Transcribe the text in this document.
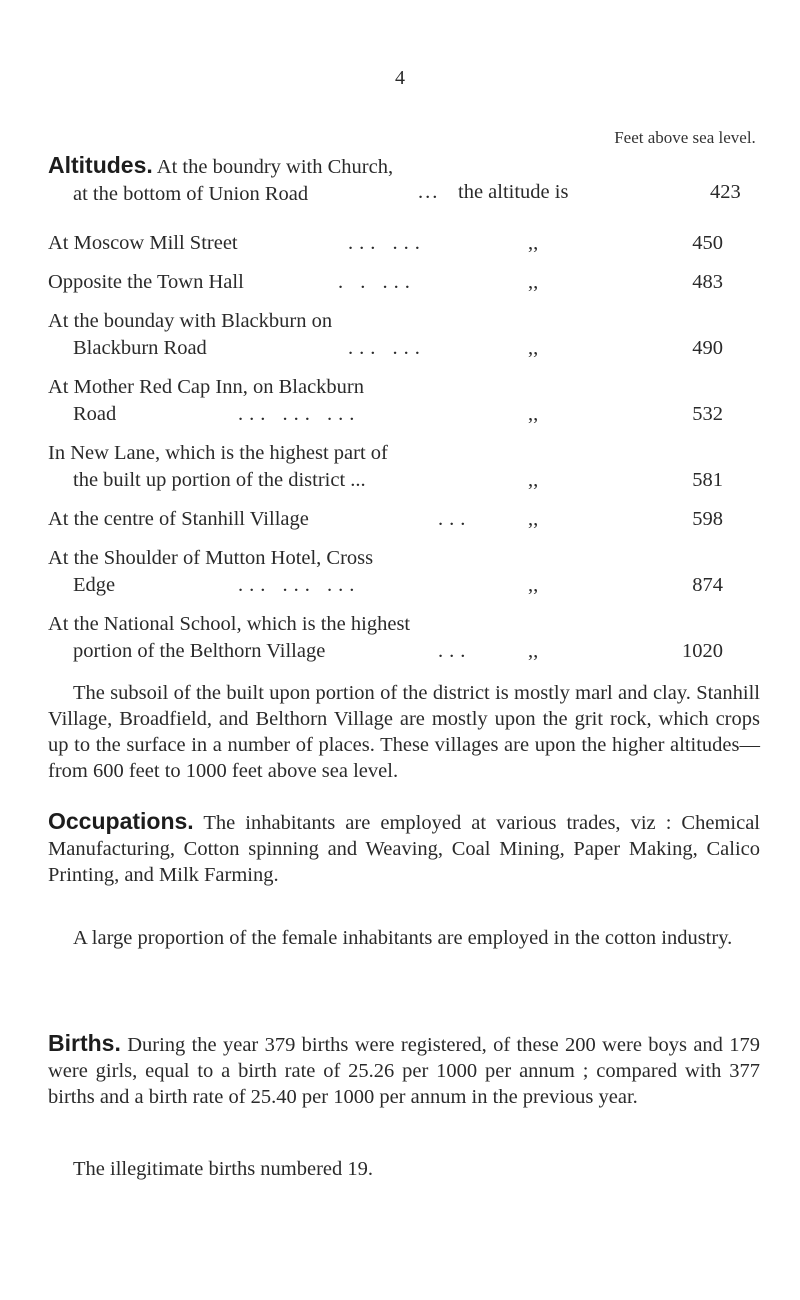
4
Feet above sea level.
Altitudes. At the boundry with Church,
at the bottom of Union Road	... the altitude is	423
At Moscow Mill Street	... ...	,,	450
Opposite the Town Hall	. . ...	,,	483
At the bounday with Blackburn on
Blackburn Road	... ...	,,	490
At Mother Red Cap Inn, on Blackburn
Road	... ... ...	,,	532
In New Lane, which is the highest part of
the built up portion of the district ...	,,	581
At the centre of Stanhill Village	...	,,	598
At the Shoulder of Mutton Hotel, Cross
Edge	... ... ...	,,	874
At the National School, which is the highest
portion of the Belthorn Village	...	,,	1020
The subsoil of the built upon portion of the district is mostly marl and clay. Stanhill Village, Broadfield, and Belthorn Village are mostly upon the grit rock, which crops up to the surface in a number of places. These villages are upon the higher altitudes—from 600 feet to 1000 feet above sea level.
Occupations. The inhabitants are employed at various trades, viz : Chemical Manufacturing, Cotton spinning and Weaving, Coal Mining, Paper Making, Calico Printing, and Milk Farming.
A large proportion of the female inhabitants are employed in the cotton industry.
Births. During the year 379 births were registered, of these 200 were boys and 179 were girls, equal to a birth rate of 25.26 per 1000 per annum ; compared with 377 births and a birth rate of 25.40 per 1000 per annum in the previous year.
The illegitimate births numbered 19.
